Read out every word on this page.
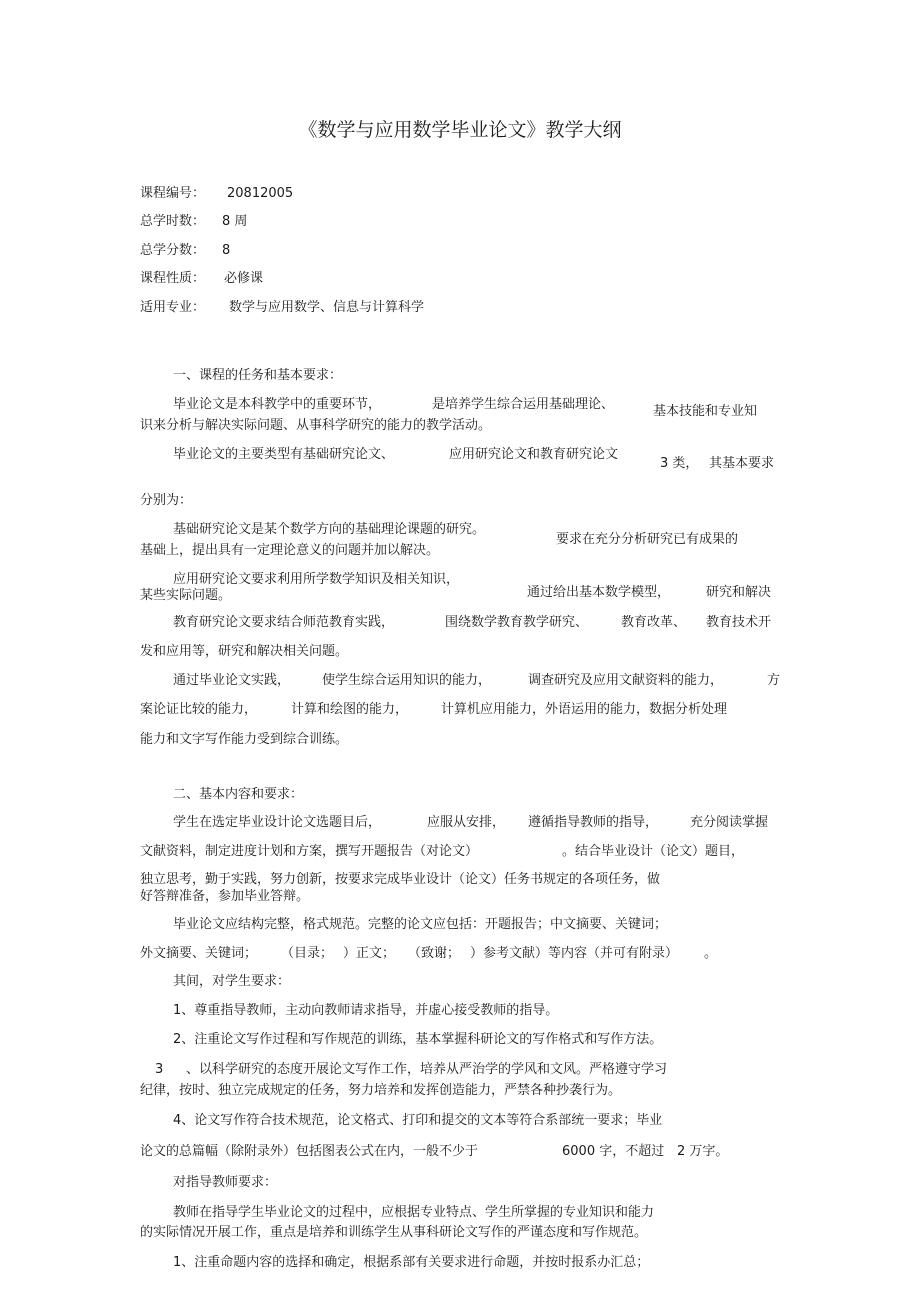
《数学与应用数学毕业论文》教学大纲
课程编号： 20812005
总学时数： 8 周
总学分数： 8
课程性质： 必修课
适用专业： 数学与应用数学、信息与计算科学
一、课程的任务和基本要求：
毕业论文是本科教学中的重要环节，	是培养学生综合运用基础理论、	基本技能和专业知
识来分析与解决实际问题、从事科学研究的能力的教学活动。
毕业论文的主要类型有基础研究论文、	应用研究论文和教育研究论文
3 类， 其基本要求
分别为：
基础研究论文是某个数学方向的基础理论课题的研究。
要求在充分分析研究已有成果的
基础上，提出具有一定理论意义的问题并加以解决。
应用研究论文要求利用所学数学知识及相关知识，
通过给出基本数学模型，	研究和解决
某些实际问题。
教育研究论文要求结合师范教育实践，	围绕数学教育教学研究、	教育改革、 教育技术开
发和应用等，研究和解决相关问题。
通过毕业论文实践， 使学生综合运用知识的能力，	调查研究及应用文献资料的能力，	方
案论证比较的能力，	计算和绘图的能力，	计算机应用能力，外语运用的能力，数据分析处理
能力和文字写作能力受到综合训练。
二、基本内容和要求：
学生在选定毕业设计论文选题目后，	应服从安排， 遵循指导教师的指导， 充分阅读掌握
文献资料，制定进度计划和方案，撰写开题报告（对论文）	。结合毕业设计（论文）题目，
独立思考，勤于实践，努力创新，按要求完成毕业设计（论文）任务书规定的各项任务，做
好答辩准备，参加毕业答辩。
毕业论文应结构完整，格式规范。完整的论文应包括：开题报告；中文摘要、关键词；
外文摘要、关键词； （目录； ）正文； （致谢； ）参考文献）等内容（并可有附录） 。
其间，对学生要求：
1、尊重指导教师，主动向教师请求指导，并虚心接受教师的指导。
2、注重论文写作过程和写作规范的训练，基本掌握科研论文的写作格式和写作方法。
3 、以科学研究的态度开展论文写作工作，培养从严治学的学风和文风。严格遵守学习
纪律，按时、独立完成规定的任务，努力培养和发挥创造能力，严禁各种抄袭行为。
4、论文写作符合技术规范，论文格式、打印和提交的文本等符合系部统一要求；毕业
论文的总篇幅（除附录外）包括图表公式在内，一般不少于	6000 字，不超过 2 万字。
对指导教师要求：
教师在指导学生毕业论文的过程中，应根据专业特点、学生所掌握的专业知识和能力
的实际情况开展工作，重点是培养和训练学生从事科研论文写作的严谨态度和写作规范。
1、注重命题内容的选择和确定，根据系部有关要求进行命题，并按时报系办汇总；
